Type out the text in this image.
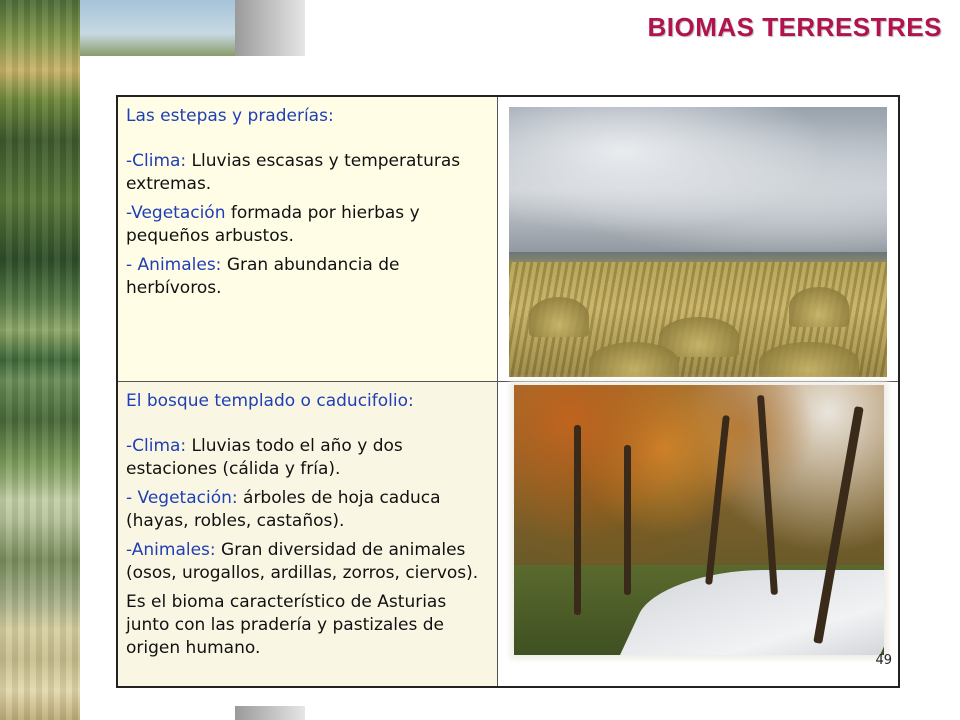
BIOMAS TERRESTRES

Las estepas y praderías:

-Clima: Lluvias escasas y temperaturas extremas.

-Vegetación formada por hierbas y pequeños arbustos.

- Animales: Gran abundancia de herbívoros.

El bosque templado o caducifolio:

-Clima: Lluvias todo el año y dos estaciones (cálida y fría).

- Vegetación: árboles de hoja caduca (hayas, robles, castaños).

-Animales: Gran diversidad de animales (osos, urogallos, ardillas, zorros, ciervos).

Es el bioma característico de Asturias junto con las pradería y pastizales de origen humano.

49
